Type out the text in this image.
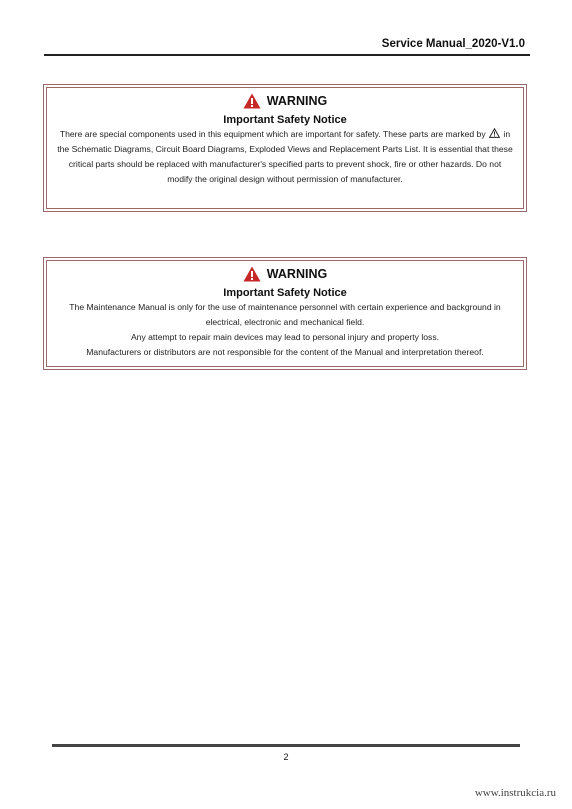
Service Manual_2020-V1.0
WARNING
Important Safety Notice

There are special components used in this equipment which are important for safety. These parts are marked by in the Schematic Diagrams, Circuit Board Diagrams, Exploded Views and Replacement Parts List. It is essential that these critical parts should be replaced with manufacturer's specified parts to prevent shock, fire or other hazards. Do not modify the original design without permission of manufacturer.

WARNING
Important Safety Notice

The Maintenance Manual is only for the use of maintenance personnel with certain experience and background in electrical, electronic and mechanical field.

Any attempt to repair main devices may lead to personal injury and property loss.

Manufacturers or distributors are not responsible for the content of the Manual and interpretation thereof.

2
www.instrukcia.ru
